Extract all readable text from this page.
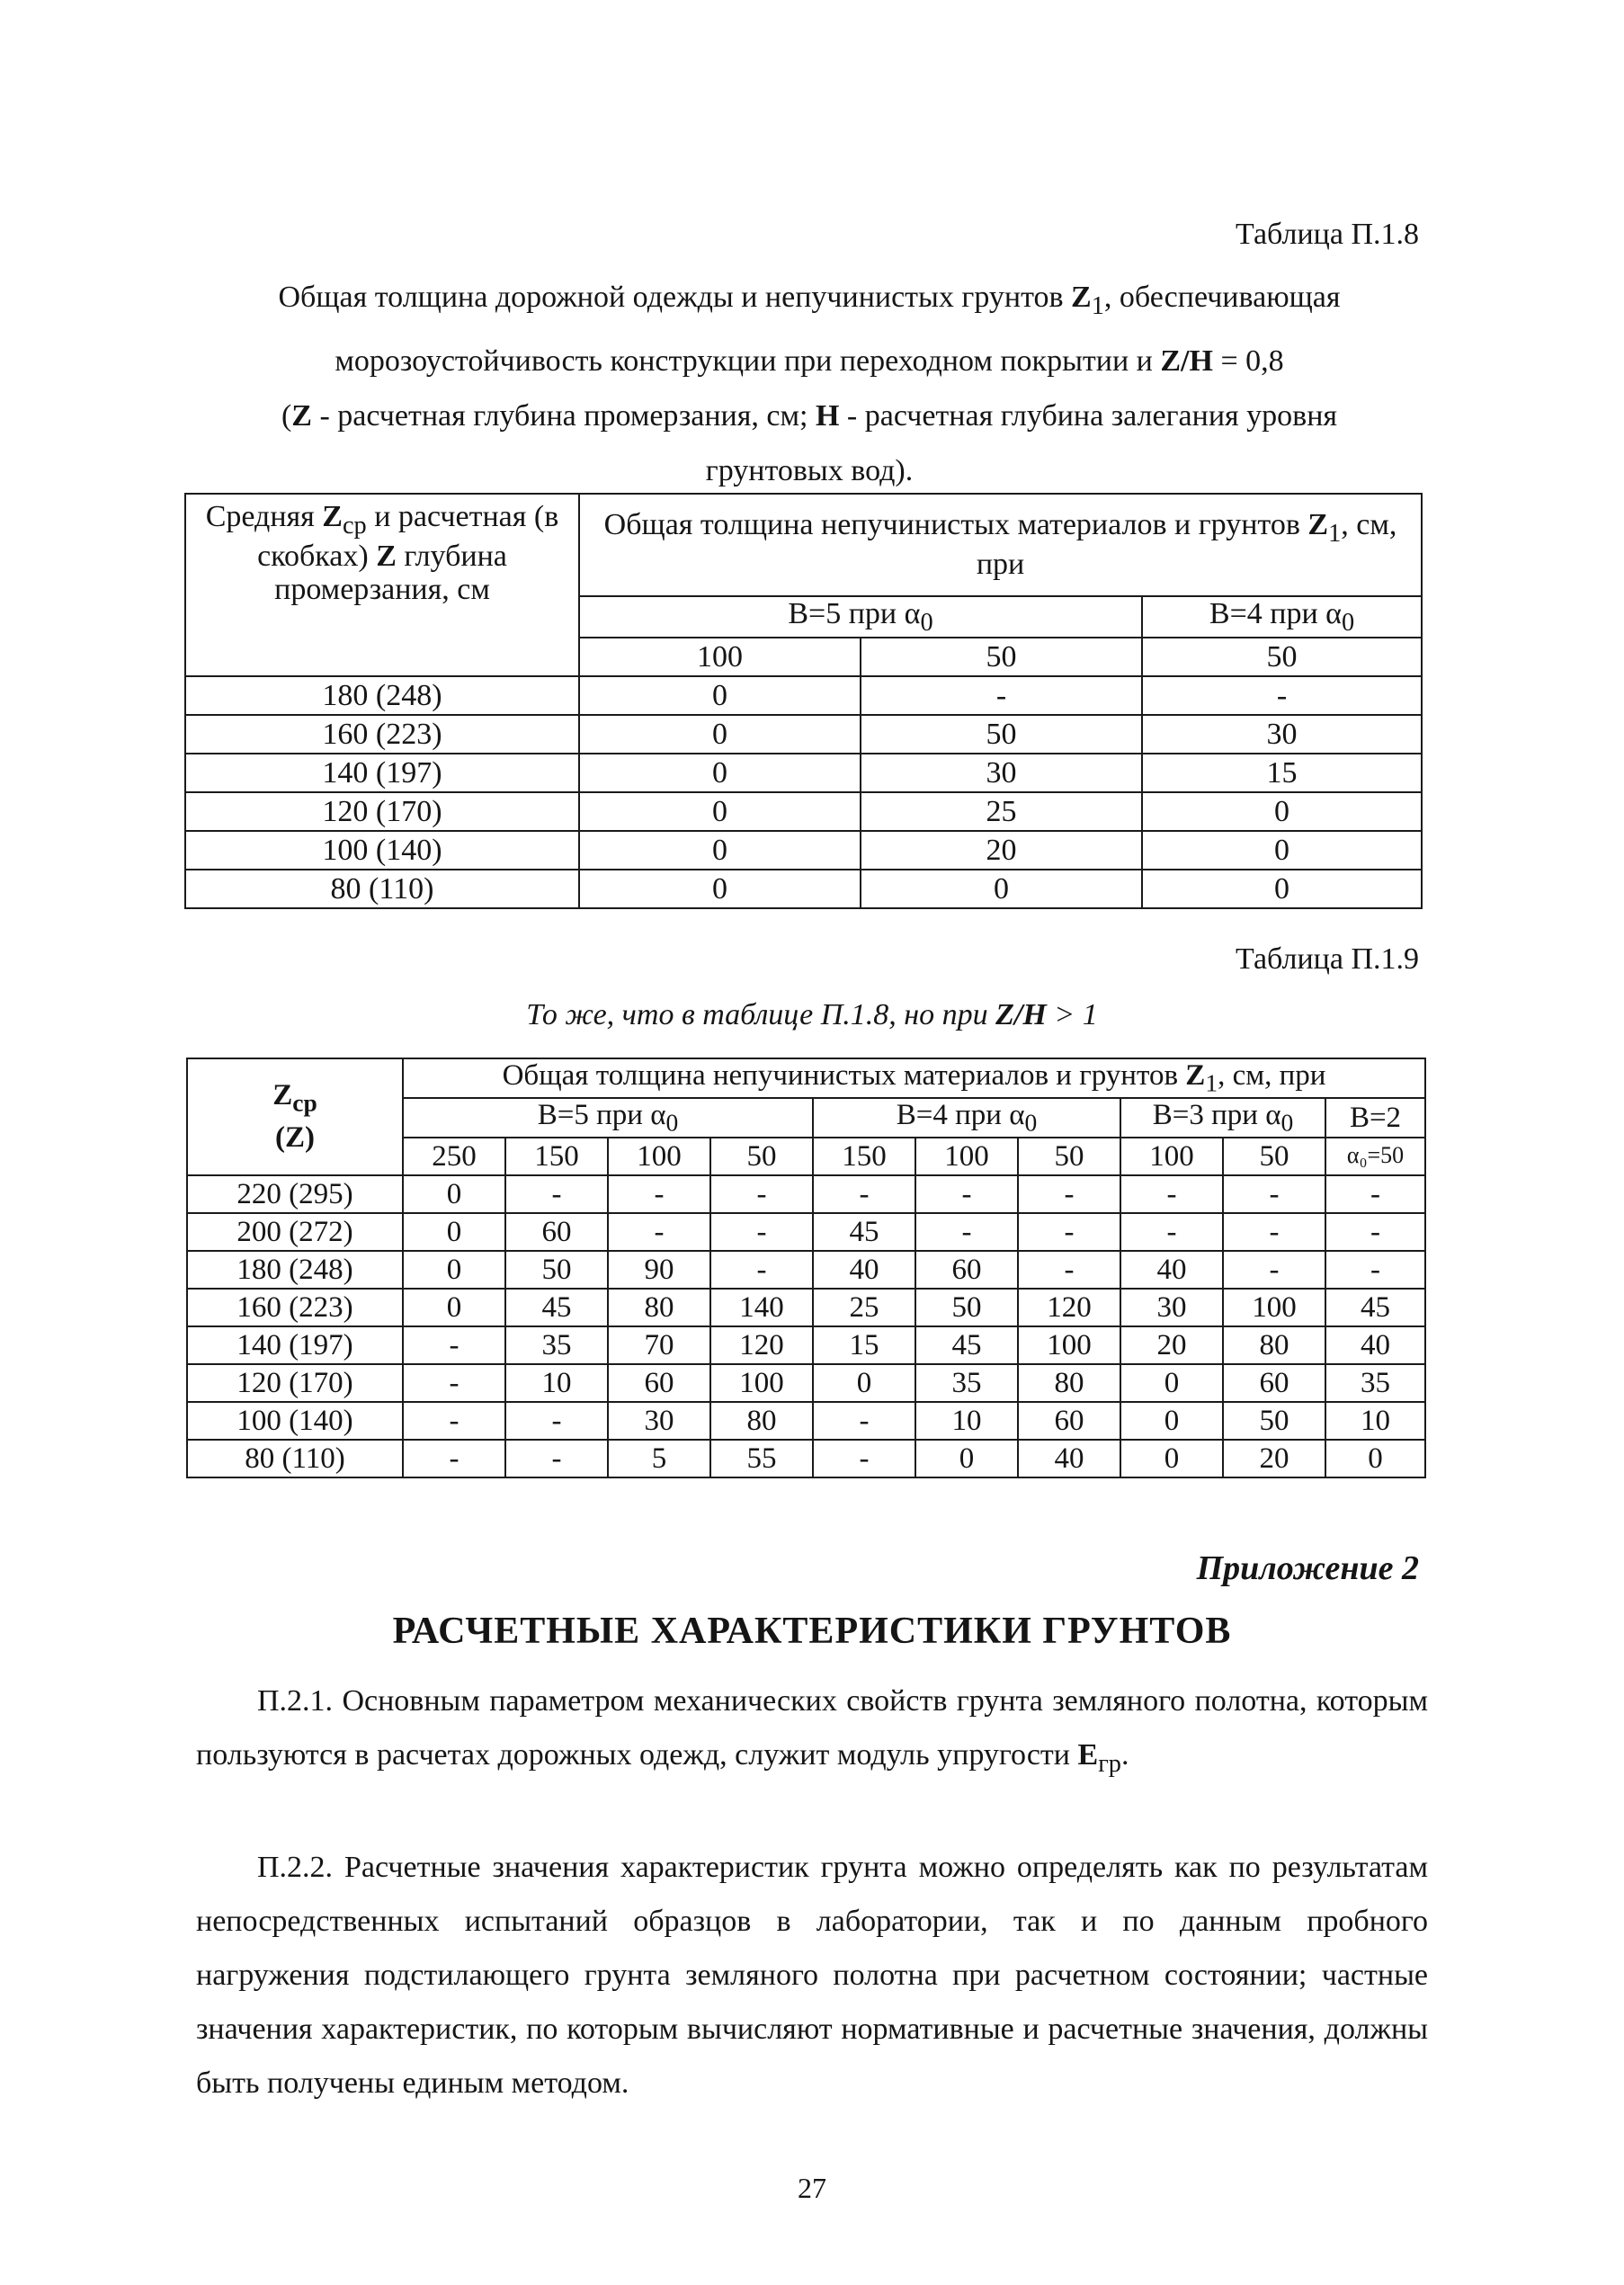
Таблица П.1.8
Общая толщина дорожной одежды и непучинистых грунтов $Z_1$, обеспечивающая
морозоустойчивость конструкции при переходном покрытии и Z/H = 0,8
(Z - расчетная глубина промерзания, см; H - расчетная глубина залегания уровня
грунтовых вод).
Средняя $Z_{ср}$ и расчетная (в скобках) Z глубина промерзания, см	Общая толщина непучинистых материалов и грунтов $Z_1$, см, при		
	В=5 при $\alpha_0$		В=4 при $\alpha_0$
	100	50	50
180 (248)	0	-	-
160 (223)	0	50	30
140 (197)	0	30	15
120 (170)	0	25	0
100 (140)	0	20	0
80 (110)	0	0	0
Таблица П.1.9
То же, что в таблице П.1.8, но при Z/H > 1
$Z_{ср}$
(Z)	Общая толщина непучинистых материалов и грунтов $Z_1$, см, при									
	В=5 при $\alpha_0$				В=4 при $\alpha_0$			В=3 при $\alpha_0$		В=2
	250	150	100	50	150	100	50	100	50	α₀=50
220 (295)	0	-	-	-	-	-	-	-	-	-
200 (272)	0	60	-	-	45	-	-	-	-	-
180 (248)	0	50	90	-	40	60	-	40	-	-
160 (223)	0	45	80	140	25	50	120	30	100	45
140 (197)	-	35	70	120	15	45	100	20	80	40
120 (170)	-	10	60	100	0	35	80	0	60	35
100 (140)	-	-	30	80	-	10	60	0	50	10
80 (110)	-	-	5	55	-	0	40	0	20	0
Приложение 2
РАСЧЕТНЫЕ ХАРАКТЕРИСТИКИ ГРУНТОВ
П.2.1. Основным параметром механических свойств грунта земляного полотна, которым пользуются в расчетах дорожных одежд, служит модуль упругости $E_{гр}$.
П.2.2. Расчетные значения характеристик грунта можно определять как по результатам непосредственных испытаний образцов в лаборатории, так и по данным пробного нагружения подстилающего грунта земляного полотна при расчетном состоянии; частные значения характеристик, по которым вычисляют нормативные и расчетные значения, должны быть получены единым методом.
27
